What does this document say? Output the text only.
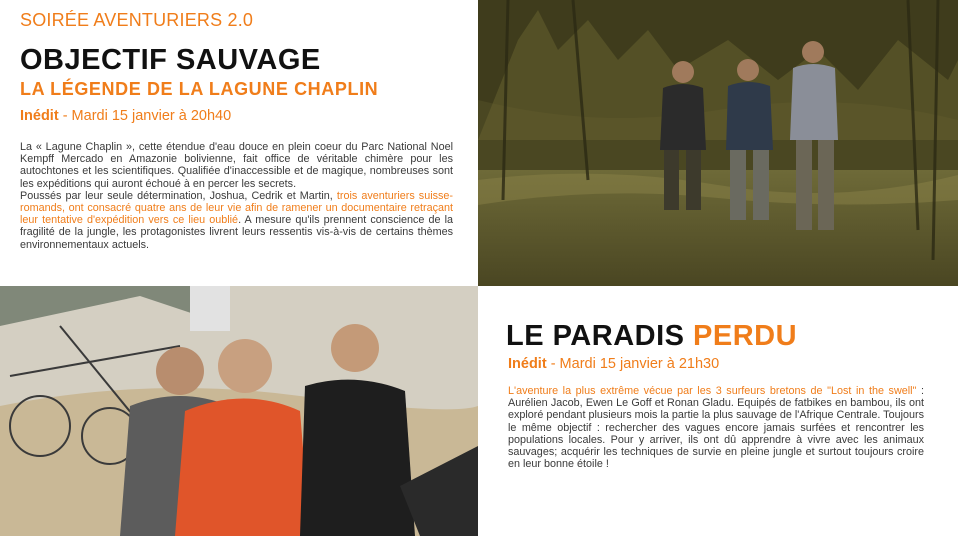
SOIRÉE AVENTURIERS 2.0
OBJECTIF SAUVAGE
LA LÉGENDE DE LA LAGUNE CHAPLIN
Inédit - Mardi 15 janvier à 20h40

La « Lagune Chaplin », cette étendue d'eau douce en plein coeur du Parc National Noel Kempff Mercado en Amazonie bolivienne, fait office de véritable chimère pour les autochtones et les scientifiques. Qualifiée d'inaccessible et de magique, nombreuses sont les expéditions qui auront échoué à en percer les secrets.

Poussés par leur seule détermination, Joshua, Cedrik et Martin, trois aventuriers suisse-romands, ont consacré quatre ans de leur vie afin de ramener un documentaire retraçant leur tentative d'expédition vers ce lieu oublié. A mesure qu'ils prennent conscience de la fragilité de la jungle, les protagonistes livrent leurs ressentis vis-à-vis de certains thèmes environnementaux actuels.

LE PARADIS PERDU
Inédit - Mardi 15 janvier à 21h30
L'aventure la plus extrême vécue par les 3 surfeurs bretons de "Lost in the swell" : Aurélien Jacob, Ewen Le Goff et Ronan Gladu. Equipés de fatbikes en bambou, ils ont exploré pendant plusieurs mois la partie la plus sauvage de l'Afrique Centrale. Toujours le même objectif : rechercher des vagues encore jamais surfées et rencontrer les populations locales. Pour y arriver, ils ont dû apprendre à vivre avec les animaux sauvages; acquérir les techniques de survie en pleine jungle et surtout toujours croire en leur bonne étoile !
